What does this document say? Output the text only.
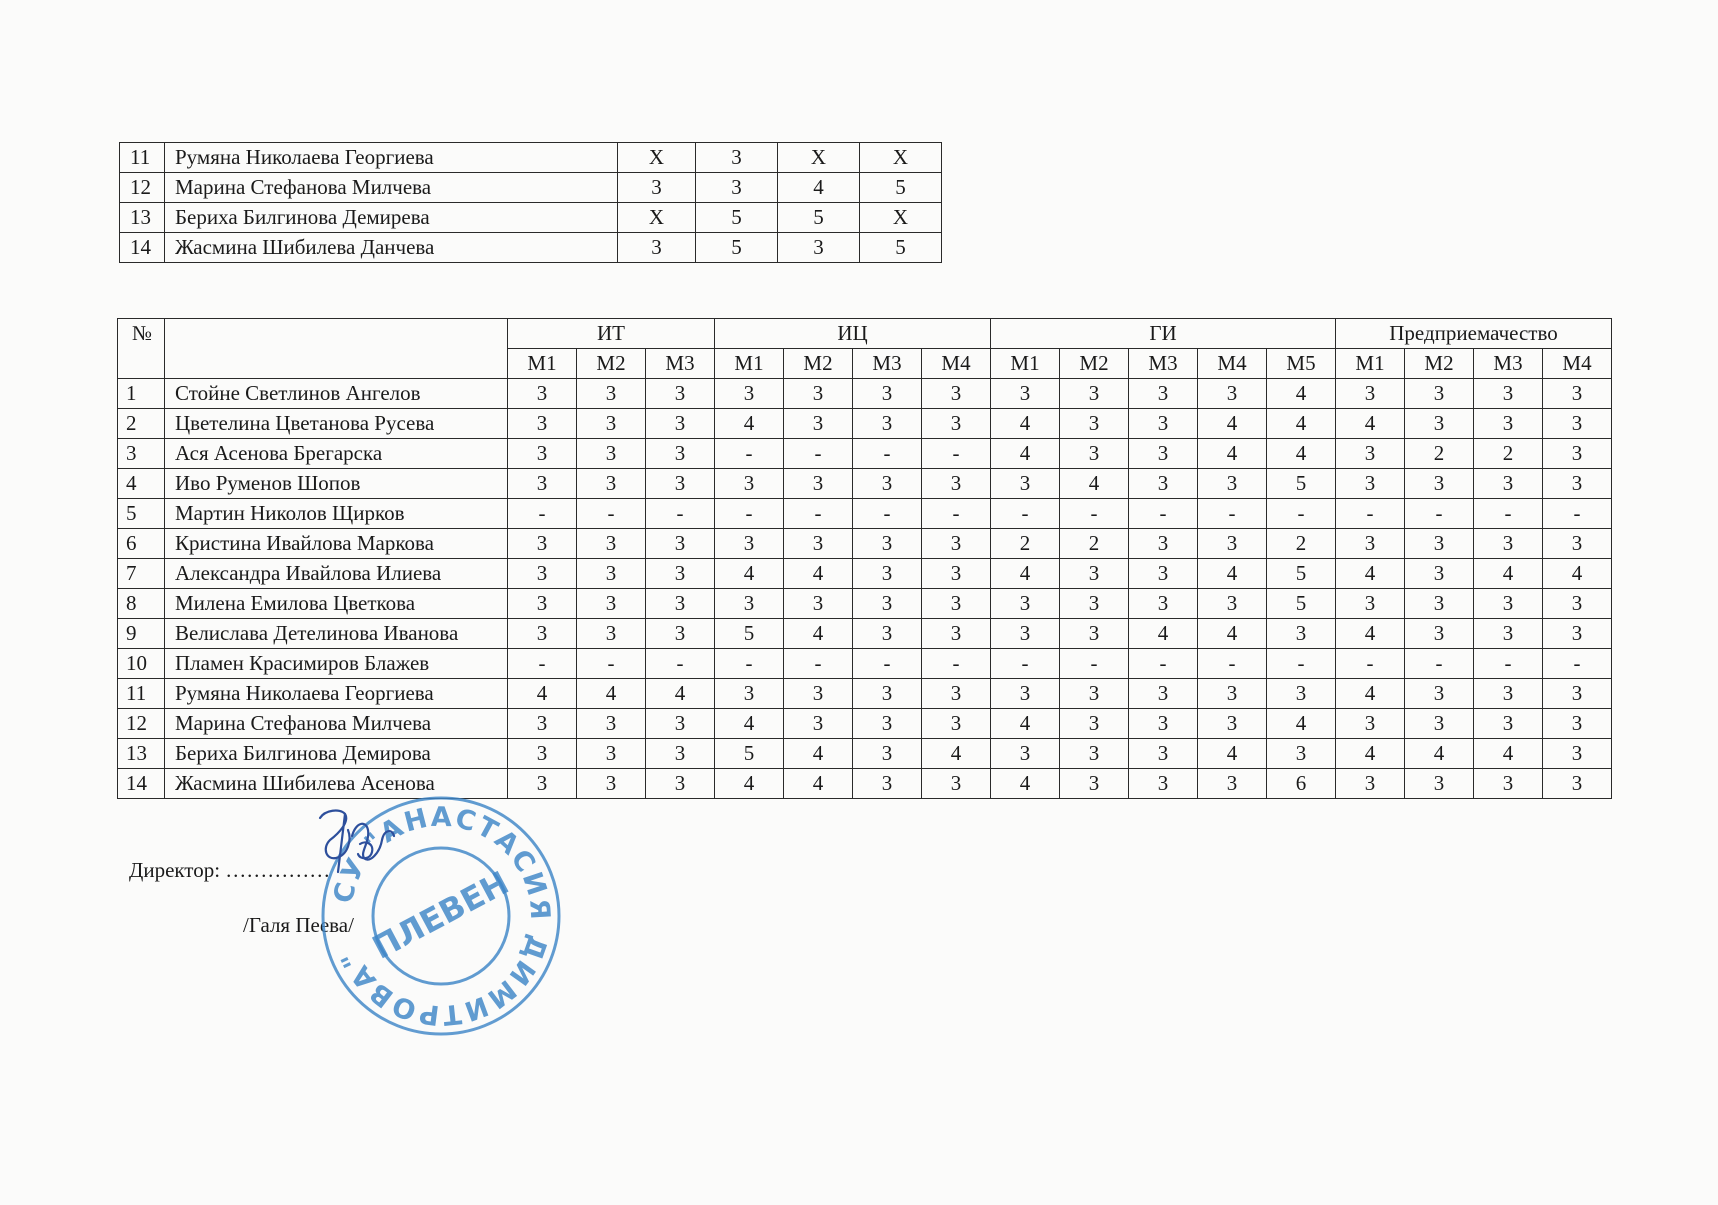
11	Румяна Николаева Георгиева	Х	3	Х	Х
12	Марина Стефанова Милчева	3	3	4	5
13	Бериха Билгинова Демирева	Х	5	5	Х
14	Жасмина Шибилева Данчева	3	5	3	5
№		ИТ			ИЦ				ГИ					Предприемачество			
		М1	М2	М3	М1	М2	М3	М4	М1	М2	М3	М4	М5	М1	М2	М3	М4
1	Стойне Светлинов Ангелов	3	3	3	3	3	3	3	3	3	3	3	4	3	3	3	3
2	Цветелина Цветанова Русева	3	3	3	4	3	3	3	4	3	3	4	4	4	3	3	3
3	Ася Асенова Брегарска	3	3	3	-	-	-	-	4	3	3	4	4	3	2	2	3
4	Иво Руменов Шопов	3	3	3	3	3	3	3	3	4	3	3	5	3	3	3	3
5	Мартин Николов Щирков	-	-	-	-	-	-	-	-	-	-	-	-	-	-	-	-
6	Кристина Ивайлова Маркова	3	3	3	3	3	3	3	2	2	3	3	2	3	3	3	3
7	Александра Ивайлова Илиева	3	3	3	4	4	3	3	4	3	3	4	5	4	3	4	4
8	Милена Емилова Цветкова	3	3	3	3	3	3	3	3	3	3	3	5	3	3	3	3
9	Велислава Детелинова Иванова	3	3	3	5	4	3	3	3	3	4	4	3	4	3	3	3
10	Пламен Красимиров Блажев	-	-	-	-	-	-	-	-	-	-	-	-	-	-	-	-
11	Румяна Николаева Георгиева	4	4	4	3	3	3	3	3	3	3	3	3	4	3	3	3
12	Марина Стефанова Милчева	3	3	3	4	3	3	3	4	3	3	3	4	3	3	3	3
13	Бериха Билгинова Демирова	3	3	3	5	4	3	4	3	3	3	4	3	4	4	4	3
14	Жасмина Шибилева Асенова	3	3	3	4	4	3	3	4	3	3	3	6	3	3	3	3
Директор: ……………
/Галя Пеева/
СУ "АНАСТАСИЯ ДИМИТРОВА"
ПЛЕВЕН
